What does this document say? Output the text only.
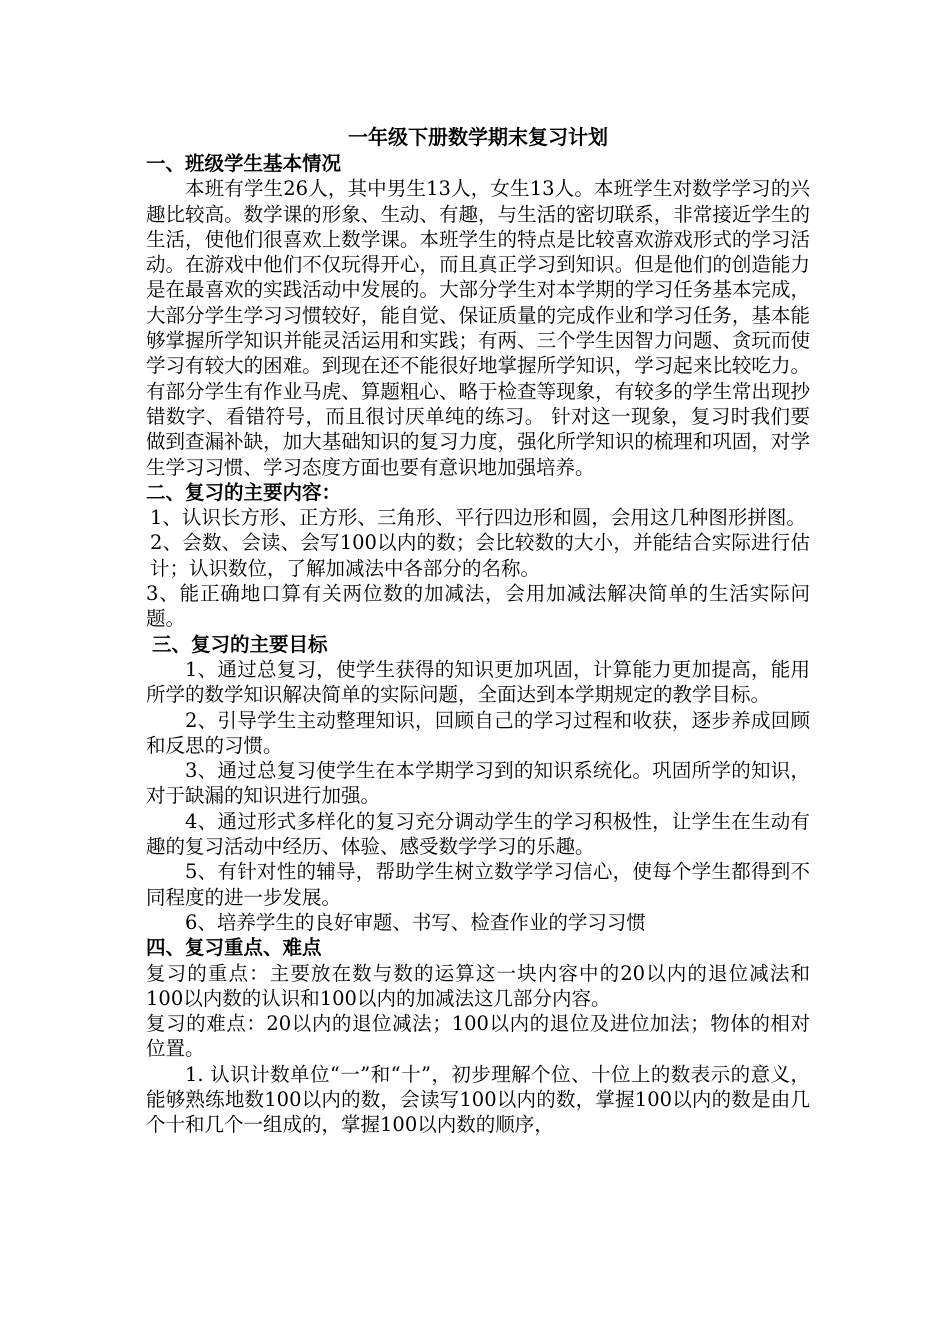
一年级下册数学期末复习计划

一、班级学生基本情况

本班有学生26人，其中男生13人，女生13人。本班学生对数学学习的兴趣比较高。数学课的形象、生动、有趣，与生活的密切联系，非常接近学生的生活，使他们很喜欢上数学课。本班学生的特点是比较喜欢游戏形式的学习活动。在游戏中他们不仅玩得开心，而且真正学习到知识。但是他们的创造能力是在最喜欢的实践活动中发展的。大部分学生对本学期的学习任务基本完成，大部分学生学习习惯较好，能自觉、保证质量的完成作业和学习任务，基本能够掌握所学知识并能灵活运用和实践；有两、三个学生因智力问题、贪玩而使学习有较大的困难。到现在还不能很好地掌握所学知识，学习起来比较吃力。有部分学生有作业马虎、算题粗心、略于检查等现象，有较多的学生常出现抄错数字、看错符号，而且很讨厌单纯的练习。 针对这一现象，复习时我们要做到查漏补缺，加大基础知识的复习力度，强化所学知识的梳理和巩固，对学生学习习惯、学习态度方面也要有意识地加强培养。

二、复习的主要内容：

1、认识长方形、正方形、三角形、平行四边形和圆，会用这几种图形拼图。

2、会数、会读、会写100以内的数；会比较数的大小，并能结合实际进行估计；认识数位，了解加减法中各部分的名称。

3、能正确地口算有关两位数的加减法，会用加减法解决简单的生活实际问题。

三、复习的主要目标

1、通过总复习，使学生获得的知识更加巩固，计算能力更加提高，能用所学的数学知识解决简单的实际问题，全面达到本学期规定的教学目标。

2、引导学生主动整理知识，回顾自己的学习过程和收获，逐步养成回顾和反思的习惯。

3、通过总复习使学生在本学期学习到的知识系统化。巩固所学的知识，对于缺漏的知识进行加强。

4、通过形式多样化的复习充分调动学生的学习积极性，让学生在生动有趣的复习活动中经历、体验、感受数学学习的乐趣。

5、有针对性的辅导，帮助学生树立数学学习信心，使每个学生都得到不同程度的进一步发展。

6、培养学生的良好审题、书写、检查作业的学习习惯

四、复习重点、难点

复习的重点：主要放在数与数的运算这一块内容中的20以内的退位减法和100以内数的认识和100以内的加减法这几部分内容。

复习的难点：20以内的退位减法；100以内的退位及进位加法；物体的相对位置。

1. 认识计数单位“一”和“十”，初步理解个位、十位上的数表示的意义，能够熟练地数100以内的数，会读写100以内的数，掌握100以内的数是由几个十和几个一组成的，掌握100以内数的顺序，
